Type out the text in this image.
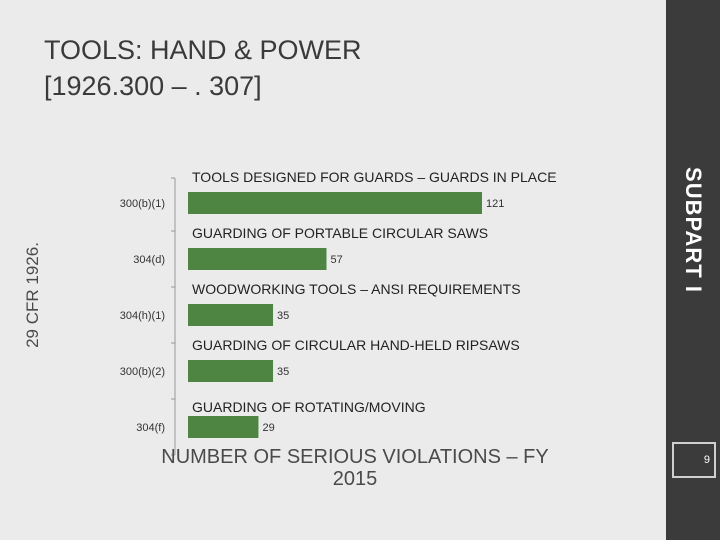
TOOLS: HAND & POWER
[1926.300 – . 307]
SUBPART I
9
29 CFR 1926.
TOOLS DESIGNED FOR GUARDS – GUARDS IN PLACE
300(b)(1)	121
GUARDING OF PORTABLE CIRCULAR SAWS
304(d)	57
WOODWORKING TOOLS – ANSI REQUIREMENTS
304(h)(1)	35
GUARDING OF CIRCULAR HAND-HELD RIPSAWS
300(b)(2)	35
GUARDING OF ROTATING/MOVING
304(f)	29
NUMBER OF SERIOUS VIOLATIONS – FY
2015
